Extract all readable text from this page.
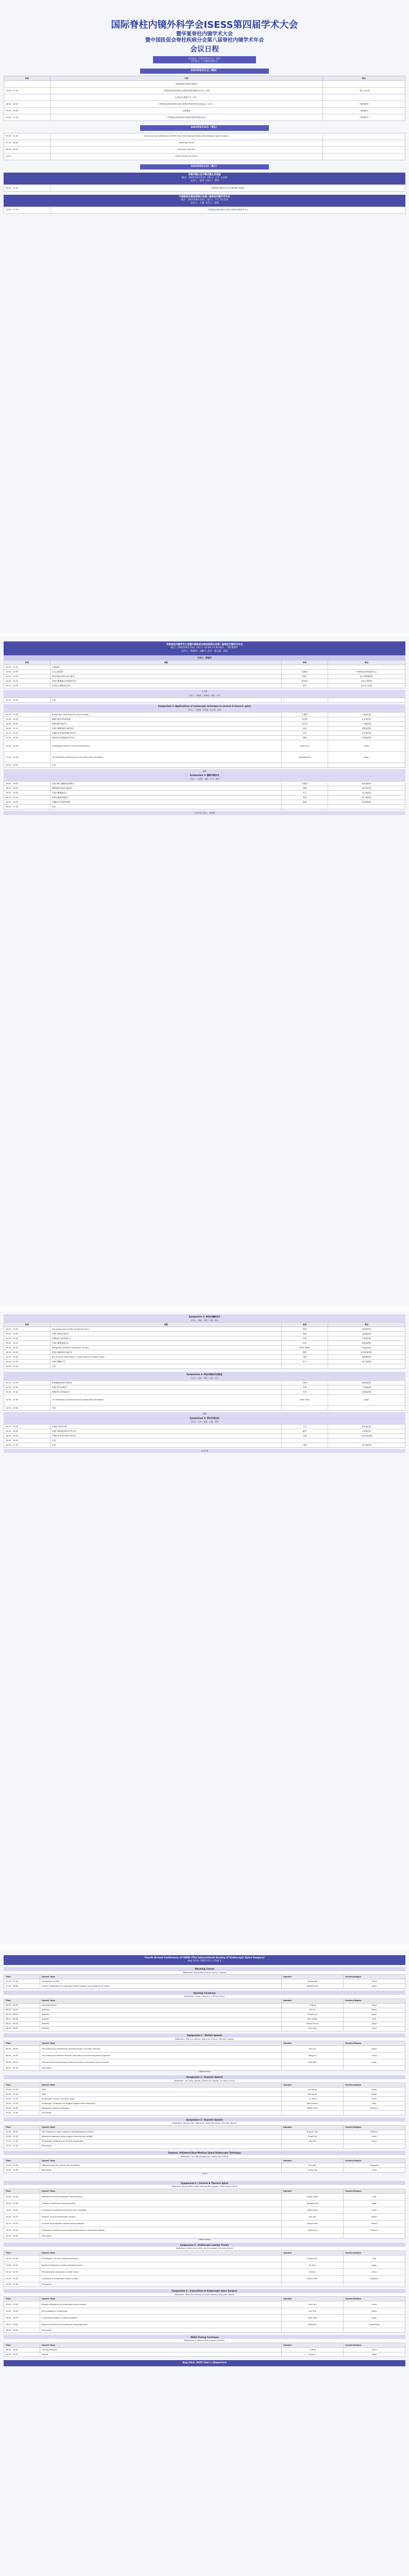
国际脊柱内镜外科学会ISESS第四届学术大会
暨华夏脊柱内镜学术大会
暨中国医促会脊柱疾病分会第八届脊柱内镜学术年会
会议日程
会议地点：2025年8月21日—24日
会议地点：广东国际会展中心
2025年8月21日（周四）
时间	内容	地点
	华夏创新技术脊柱内镜培训	
13:00 - 21:00	中国医促会脊柱疾病分会脊柱内镜学组委员会会议、培训	一楼 大会议室
	大会报名注册进行中（全天）	
18:00 - 19:30	中国医促会脊柱疾病分会第八届脊柱内镜学术年会组委会议（闭门）	三楼 紫荆厅
19:30 - 20:00	欢迎晚宴	三楼 紫荆厅
20:00 - 21:00	中国医促会脊柱疾病分会脊柱内镜学组委员会议	三楼 紫荆厅
2025年8月22日（周五）
07:30 - 12:00	Fourth Annual Conference of ISESS (The International Society of Endoscopic Spine Surgery)	
07:30 - 08:00	Warming Course	
08:00 - 08:30	Opening Ceremony	
12:00	ISESS Closing Ceremony	
2025年8月23日（周六）
华夏内镜大会开幕式暨主旨讲座
地点：2025年8月23日（周六）上午 主会场
主持人：张伟 主持人：李明
08:00 - 11:30	华夏脊柱内镜学术大会开幕式暨主旨讲座
中国医促会脊柱疾病分会第八届脊柱内镜学术年会
地点：2025年8月23日（周六）下午 1号会场
主持人：王强 主持人：赵刚
13:30 - 17:30	中国医促会脊柱疾病分会第八届脊柱内镜学术年会
华夏脊柱内镜学术大会暨中国医促会脊柱疾病分会第八届脊柱内镜学术年会
地点：2025年8月23日（周六）13:30-17:30 地点：二楼 紫荆厅
主持人：周建伟、刘新宇 点评：陈志明、杨军
主持人：黄建华
时间	讲题	讲者	单位
13:30 - 13:40	开幕致辞		
13:40 - 13:50	大会主席致辞	周建伟	中国医促会脊柱疾病分会
13:50 - 14:00	脊柱内镜技术的发展与展望	刘新宇	某大学附属医院
14:00 - 14:10	内镜下腰椎融合术的临床应用	陈志明	某省人民医院
14:10 - 14:20	全内镜下颈椎减压技术	杨军	某市中心医院
大合照
主持人：吴晓东、郑海波、孙磊、冯宇
14:20 - 14:30	讨论		
Symposium 1: Applications of endoscopic technique in cervical & thoracic spine
主持人：王德明、李志刚、赵玉龙、孙伟
14:30 - 14:40	Endoscopic technique for cervical spine	王德明	上海某医院
14:40 - 14:50	胸椎内镜技术的新进展	李志刚	北京某医院
14:50 - 15:00	颈椎后路内镜手术	赵玉龙	广州某医院
15:00 - 15:10	内镜下胸椎管狭窄症的治疗	孙伟	成都某医院
15:10 - 15:20	内镜技术在脊柱肿瘤中的应用	刘洋	武汉某医院
15:20 - 15:30	UBE技术在颈椎病中的应用	陈刚	杭州某医院
15:30 - 15:40	Endoscopic Anterior Cervical Discectomy	James Lee	Korea
15:40 - 15:50	The Prediction of Recurrence of Lumbar Disc Herniation	Tomoaki Kim	Japan
15:50 - 16:00	讨论		
茶歇
Symposium 2: 腰椎内镜技术
主持人：马建国、高峰、许文、林涛
16:00 - 16:10	经皮内镜下腰椎间盘切除术	马建国	南京某医院
16:10 - 16:20	腰椎管狭窄症的内镜治疗	高峰	西安某医院
16:20 - 16:30	内镜下腰椎融合术	许文	长沙某医院
16:30 - 16:40	单侧双通道内镜技术	林涛	厦门某医院
16:40 - 16:50	内镜技术并发症的预防	张磊	郑州某医院
16:50 - 17:00	讨论		
大会总结 主持人：周建伟
Symposium 3: 脊柱内镜新技术
主持人：林海、郭明、杜强、韩冰
时间	讲题	讲者	单位
13:30 - 13:40	Full-endoscopic lumbar interbody fusion	林海	福州某医院
13:40 - 13:50	内镜下椎间孔成形术	郭明	济南某医院
13:50 - 14:00	经椎板间入路内镜手术	杜强	天津某医院
14:00 - 14:10	内镜下腰椎管减压术	韩冰	沈阳某医院
14:10 - 14:20	Navigation-assisted endoscopic surgery	Peter Wang	Singapore
14:20 - 14:30	机器人辅助脊柱内镜手术	曹阳	哈尔滨某医院
14:30 - 14:40	Key Surgical Techniques in Large Channel Lumbar Fusion	邹刚	昆明某医院
14:40 - 14:50	内镜下翻修手术	彭飞	南宁某医院
14:50 - 15:00	讨论		
Symposium 4: 脊柱内镜技术的挑战
主持人：何涛、罗斌、叶青、方宏
15:10 - 15:20	复杂腰椎病变的内镜治疗	何涛	贵阳某医院
15:20 - 15:30	内镜下钩突切除术	罗斌	兰州某医院
15:30 - 15:40	颈椎OPLL的内镜手术	叶青	合肥某医院
15:40 - 15:50	The Predictors of Recurrence of Lumbar Disc Herniation	Kenji Sato	Japan
15:50 - 16:00	讨论		
茶歇
Symposium 5: 青年学者论坛
主持人：方宏、谢军、石磊、邓辉
16:10 - 16:20	内镜学习曲线分析	方宏	南昌某医院
16:20 - 16:30	内镜下椎间盘切除术疗效分析	谢军	太原某医院
16:30 - 16:40	内镜技术在老年患者中的应用	石磊	石家庄某医院
16:40 - 16:50	讨论		
16:50 - 17:00	总结	邓辉	海口某医院
会议结束
Fourth Annual Conference of ISESS (The International Society of Endoscopic Spine Surgery)
Aug 22nd, 2025 (Fri.) | Day 1
Warming Course
Moderator: Zhang Wei (China); Hong Li (Korea)
Time	Speech Topic	Speaker	Country/Region
07:30 - 07:40	Introduction of ESS	Zhang Wei	China
07:40 - 08:00	Current indications for endoscopic spine surgery and prospects for future	Ishikawa Kei	Japan
Opening Ceremony
Moderator: Hong Li (Korea); Li Ming (China)
Time	Speech Topic	Speaker	Country/Region
08:00 - 08:05	Opening Speech	Li Ming	China
08:05 - 08:10	Address	Kim Jin	Korea
08:10 - 08:15	Address	Tanaka Jun	Japan
08:15 - 08:20	Address	John Smith	USA
08:20 - 08:25	Address	Maria Garcia	Spain
08:25 - 08:30	Address	Chen Hao	China
Symposium 1 : Motion Speech
Moderator: Park Jun (Korea); Wang Lei (China); Sato Ken (Japan)
Time	Speech Topic	Speaker	Country/Region
08:30 - 08:45	Full-endoscopic interlaminar decompression of lumbar stenosis	Park Jun	Korea
08:45 - 09:00	Full-endoscopic anterior cervical discectomy and transcorporeal approach	Wang Lei	China
09:00 - 09:15	Transforaminal endoscopic lumbar discectomy: technique and outcomes	Sato Ken	Japan
09:15 - 09:30	Discussion		
Coffee Break
Symposium 2 : Keynote Speech
Moderator: Lee Sang (Korea); Ahmed Ali (Egypt); Liu Yang (China)
Time	Speech Topic	Speaker	Country/Region
09:40 - 09:50	TBD	Lee Sang	Korea
09:50 - 10:00	TBD	Ahmed Ali	Egypt
10:00 - 10:10	Endoscopic lumbar interbody fusion	Liu Yang	China
10:10 - 10:20	Endoscopic Treatment for Ridged Degenerative Deformity	Rossi Marco	Italy
10:20 - 10:30	Navigation guided endoscopy	Müller Hans	Germany
10:30 - 10:40	Discussion		
Symposium 3 : Keynote Speech
Moderator: Nguyen Van (Vietnam); Singh Raj (India); Cho Min (Korea)
Time	Speech Topic	Speaker	Country/Region
10:40 - 10:55	Full-endoscopic spine surgery: methodological evolution	Nguyen Van	Vietnam
10:55 - 11:10	Biportal endoscopic spine surgery: learning and pitfalls	Singh Raj	India
11:10 - 11:25	Endoscopic treatment of cervical myelopathy	Cho Min	Korea
11:25 - 11:40	Discussion		
Seminar: Unilateral Dual-Medium Spinal Endoscopic Technique
Moderator: Tan Wei (Singapore); Huang Tao (China)
Time	Speech Topic	Speaker	Country/Region
11:40 - 11:50	UBE technique for lumbar disc herniation	Tan Wei	Singapore
11:50 - 12:00	Discussion	Huang Tao	China
Lunch
Symposium 4 : Cervical & Thoracic Spine
Moderator: Brown Mike (USA); Yamada Taro (Japan); Zhao Gang (China)
Time	Speech Topic	Speaker	Country/Region
13:30 - 13:40	Posterior cervical endoscopic foraminotomy	Brown Mike	USA
13:40 - 13:50	Thoracic endoscopic decompression	Yamada Taro	Japan
13:50 - 14:00	Endoscopic treatment of thoracic disc herniation	Zhao Gang	China
14:00 - 14:10	Anterior cervical endoscopic surgery	Kim Soo	Korea
14:10 - 14:20	Cervical radiculopathy treated endoscopically	Dubois Paul	France
14:20 - 14:30	Endoscopic posterior cervical decompression for multi-level disease	Lopez Ana	Mexico
14:30 - 14:40	Discussion		
Coffee Break
Symposium 5 : Endoscopic Lumbar Fusion
Moderator: Smith John (USA); Ito Hiro (Japan); Ma Jian (China)
Time	Speech Topic	Speaker	Country/Region
14:50 - 15:00	Endoscopic TLIF: the surgical technique	Smith John	USA
15:00 - 15:10	Biportal endoscopic lumbar interbody fusion	Ito Hiro	Japan
15:10 - 15:20	Percutaneous endoscopic lumbar fusion	Ma Jian	China
15:20 - 15:30	Outcomes of endoscopic fusion vs open	Khan Omar	Pakistan
15:30 - 15:40	Discussion		
Symposium 6 : Innovations in Endoscopic Spine Surgery
Moderator: Zhou Bin (China); Lee Han (Korea); Silva Joao (Brazil)
Time	Speech Topic	Speaker	Country/Region
15:40 - 15:50	Robotic assistance for endoscopic spine surgery	Zhou Bin	China
15:50 - 16:00	AR navigation in endoscopy	Lee Han	Korea
16:00 - 16:10	Endoscopic surgery in elderly patients	Silva Joao	Brazil
16:10 - 16:20	Novel instruments for endoscopic decompression	Wong Kit	Hong Kong
16:20 - 16:30	Discussion		
ISESS Closing Ceremony
Moderator: Li Ming (China); Hong Li (Korea)
Time	Speech Topic	Speaker	Country/Region
16:30 - 16:40	Closing Remarks	Li Ming	China
16:40 - 16:50	Awards	Hong Li	Korea
Aug 23rd, 2025 (Sat.) | Departure
